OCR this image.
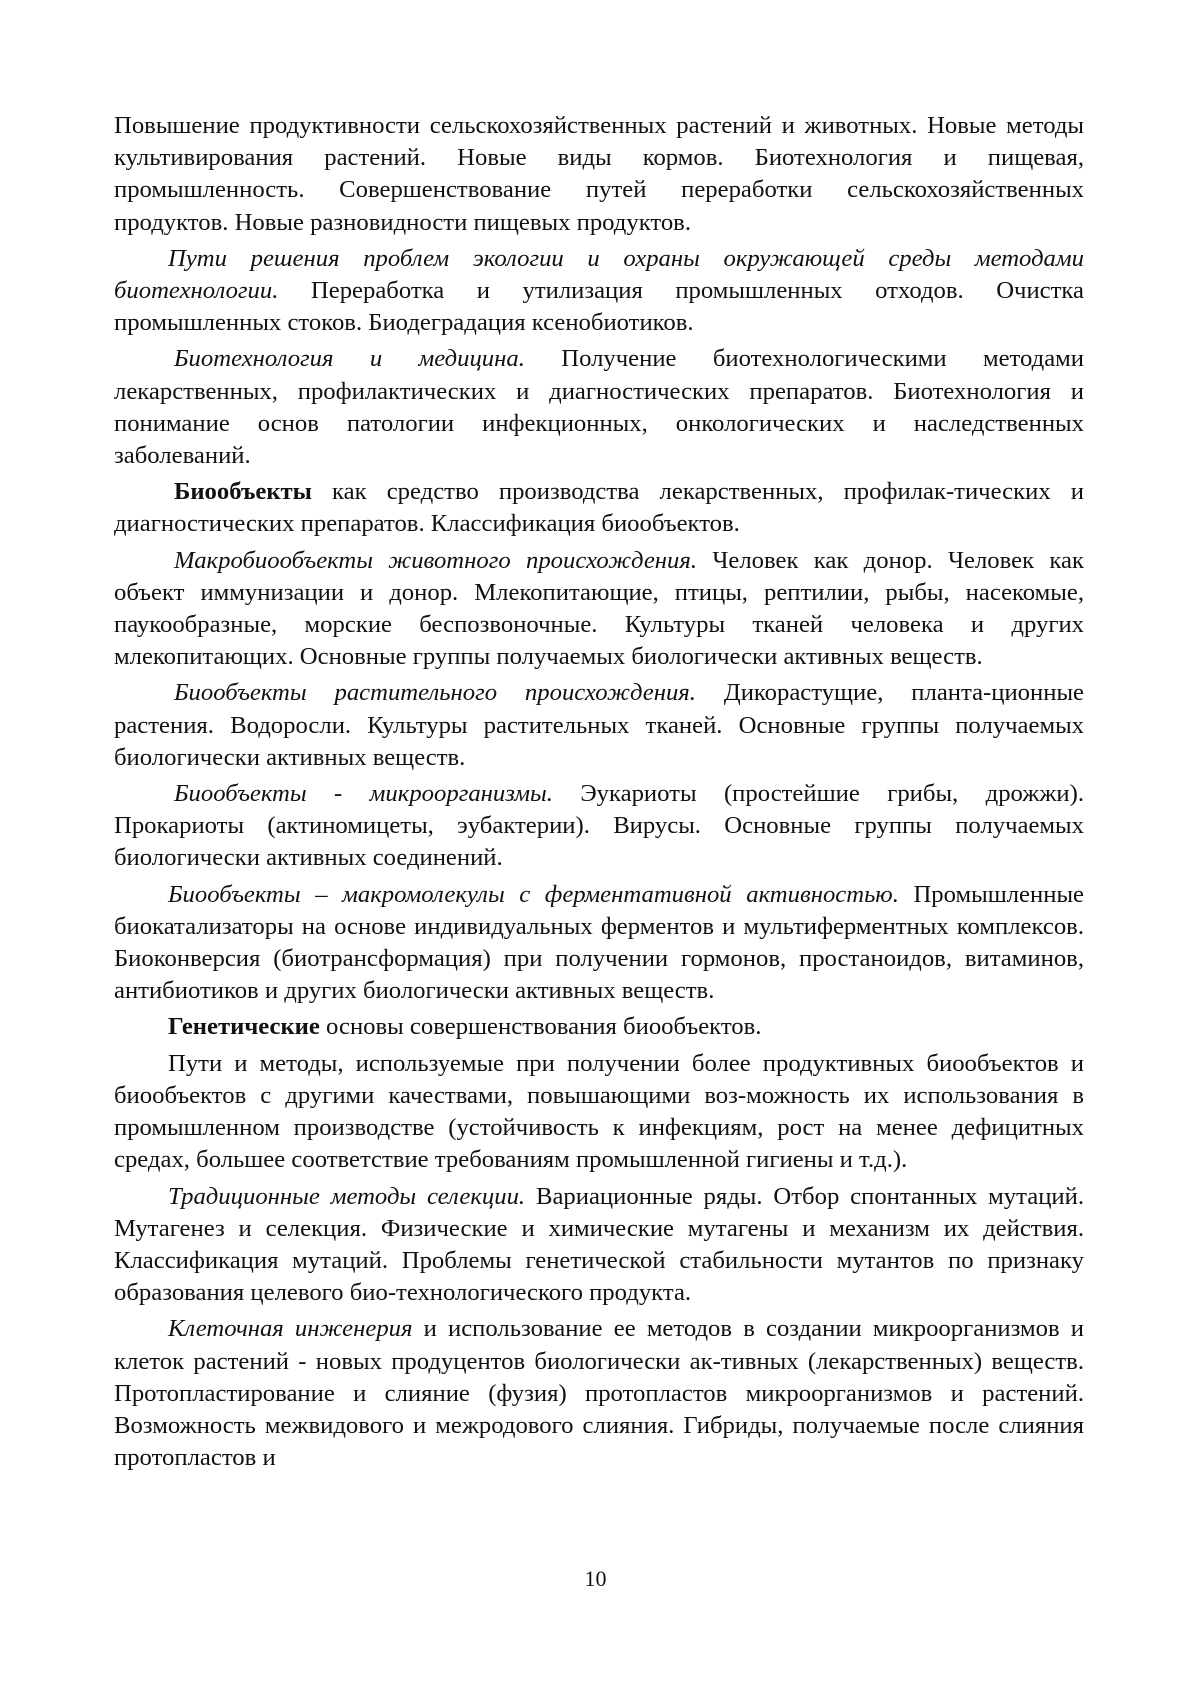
Повышение продуктивности сельскохозяйственных растений и животных. Новые методы культивирования растений. Новые виды кормов. Биотехнология и пищевая, промышленность. Совершенствование путей переработки сельскохозяйственных продуктов. Новые разновидности пищевых продуктов.

Пути решения проблем экологии и охраны окружающей среды методами биотехнологии. Переработка и утилизация промышленных отходов. Очистка промышленных стоков. Биодеградация ксенобиотиков.

Биотехнология и медицина. Получение биотехнологическими методами лекарственных, профилактических и диагностических препаратов. Биотехнология и понимание основ патологии инфекционных, онкологических и наследственных заболеваний.

Биообъекты как средство производства лекарственных, профилак-тических и диагностических препаратов. Классификация биообъектов.

Макробиообъекты животного происхождения. Человек как донор. Человек как объект иммунизации и донор. Млекопитающие, птицы, рептилии, рыбы, насекомые, паукообразные, морские беспозвоночные. Культуры тканей человека и других млекопитающих. Основные группы получаемых биологически активных веществ.

Биообъекты растительного происхождения. Дикорастущие, планта-ционные растения. Водоросли. Культуры растительных тканей. Основные группы получаемых биологически активных веществ.

Биообъекты - микроорганизмы. Эукариоты (простейшие грибы, дрожжи). Прокариоты (актиномицеты, эубактерии). Вирусы. Основные группы получаемых биологически активных соединений.

Биообъекты – макромолекулы с ферментативной активностью. Промышленные биокатализаторы на основе индивидуальных ферментов и мультиферментных комплексов. Биоконверсия (биотрансформация) при получении гормонов, простаноидов, витаминов, антибиотиков и других биологически активных веществ.

Генетические основы совершенствования биообъектов.

Пути и методы, используемые при получении более продуктивных биообъектов и биообъектов с другими качествами, повышающими воз-можность их использования в промышленном производстве (устойчивость к инфекциям, рост на менее дефицитных средах, большее соответствие требованиям промышленной гигиены и т.д.).

Традиционные методы селекции. Вариационные ряды. Отбор спонтанных мутаций. Мутагенез и селекция. Физические и химические мутагены и механизм их действия. Классификация мутаций. Проблемы генетической стабильности мутантов по признаку образования целевого био-технологического продукта.

Клеточная инженерия и использование ее методов в создании микроорганизмов и клеток растений - новых продуцентов биологически ак-тивных (лекарственных) веществ. Протопластирование и слияние (фузия) протопластов микроорганизмов и растений. Возможность межвидового и межродового слияния. Гибриды, получаемые после слияния протопластов и

10
